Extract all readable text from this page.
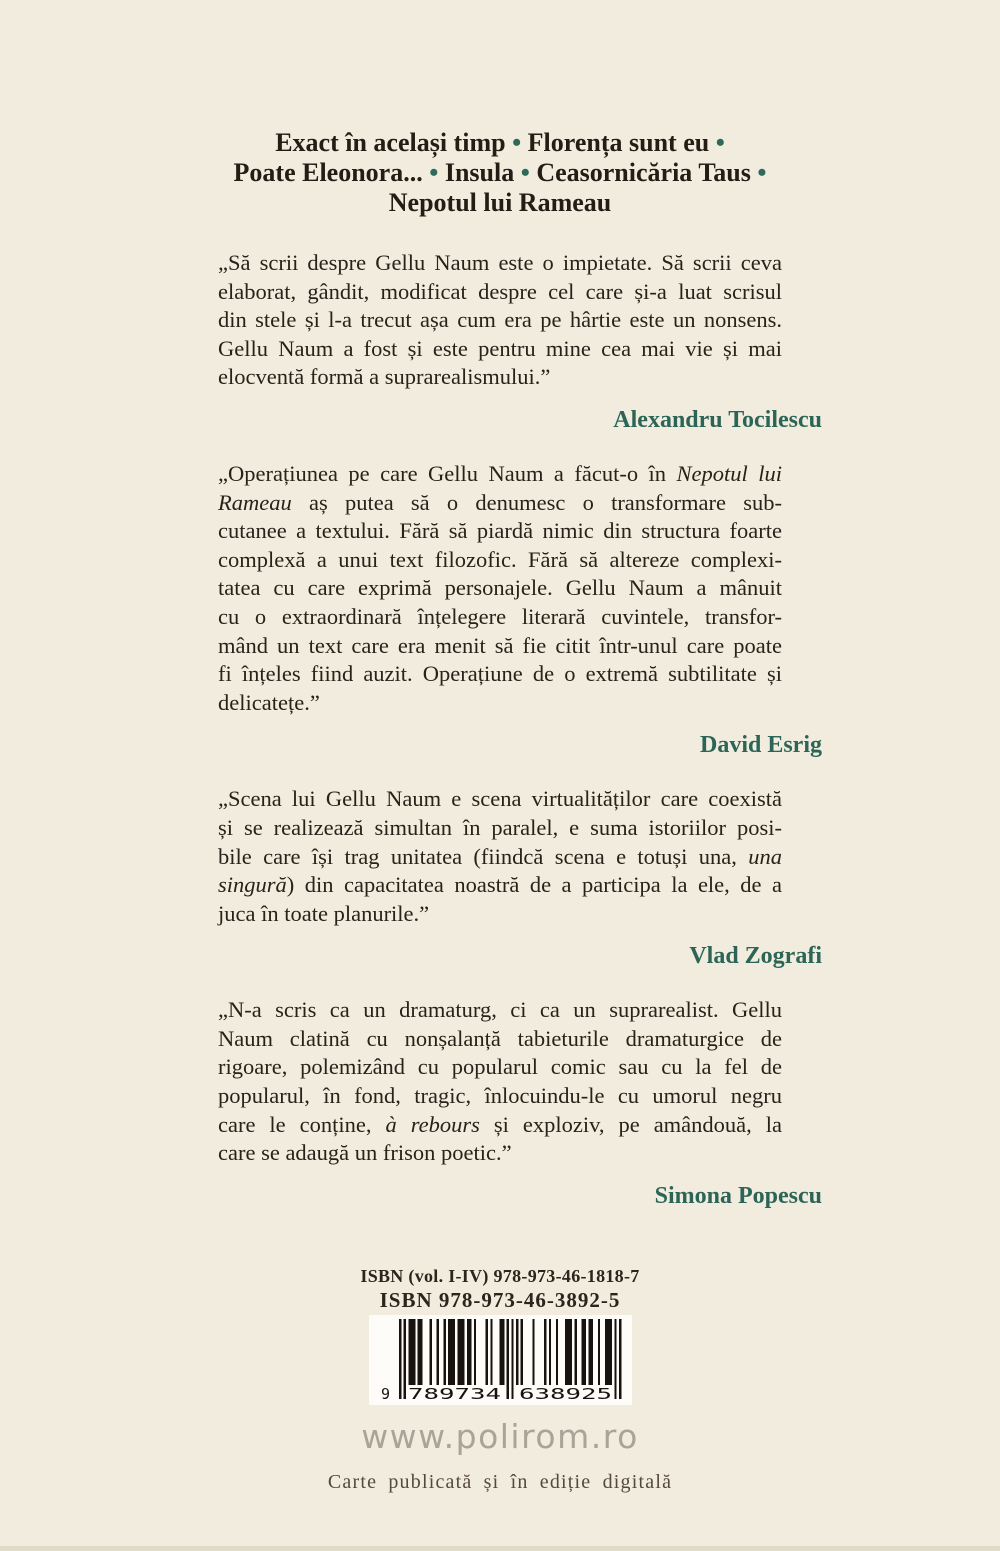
Exact în același timp • Florența sunt eu •
Poate Eleonora... • Insula • Ceasornicăria Taus •
Nepotul lui Rameau
„Să scrii despre Gellu Naum este o impietate. Să scrii ceva
elaborat, gândit, modificat despre cel care și-a luat scrisul
din stele și l-a trecut așa cum era pe hârtie este un nonsens.
Gellu Naum a fost și este pentru mine cea mai vie și mai
elocventă formă a suprarealismului.”
Alexandru Tocilescu
„Operațiunea pe care Gellu Naum a făcut-o în Nepotul lui
Rameau aș putea să o denumesc o transformare sub-
cutanee a textului. Fără să piardă nimic din structura foarte
complexă a unui text filozofic. Fără să altereze complexi-
tatea cu care exprimă personajele. Gellu Naum a mânuit
cu o extraordinară înțelegere literară cuvintele, transfor-
mând un text care era menit să fie citit într-unul care poate
fi înțeles fiind auzit. Operațiune de o extremă subtilitate și
delicatețe.”
David Esrig
„Scena lui Gellu Naum e scena virtualităților care coexistă
și se realizează simultan în paralel, e suma istoriilor posi-
bile care își trag unitatea (fiindcă scena e totuși una, una
singură) din capacitatea noastră de a participa la ele, de a
juca în toate planurile.”
Vlad Zografi
„N-a scris ca un dramaturg, ci ca un suprarealist. Gellu
Naum clatină cu nonșalanță tabieturile dramaturgice de
rigoare, polemizând cu popularul comic sau cu la fel de
popularul, în fond, tragic, înlocuindu-le cu umorul negru
care le conține, à rebours și exploziv, pe amândouă, la
care se adaugă un frison poetic.”
Simona Popescu
ISBN (vol. I-IV) 978-973-46-1818-7
ISBN 978-973-46-3892-5
9 789734 638925
www.polirom.ro
Carte publicată și în ediție digitală
